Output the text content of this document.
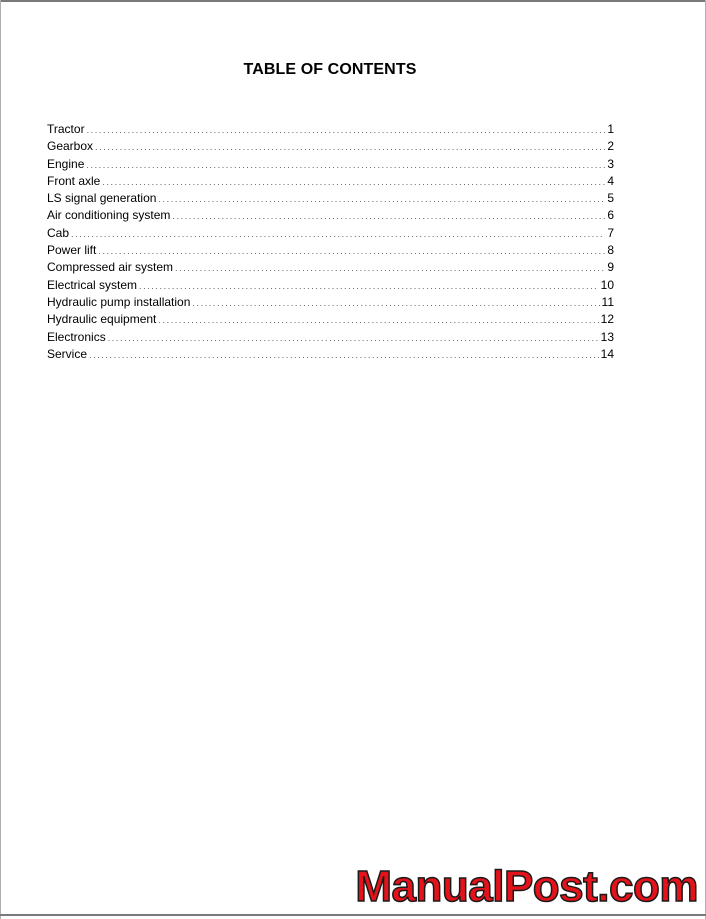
TABLE OF CONTENTS
Tractor .....	1
Gearbox .....	2
Engine .....	3
Front axle .....	4
LS signal generation .....	5
Air conditioning system .....	6
Cab .....	7
Power lift .....	8
Compressed air system .....	9
Electrical system .....	10
Hydraulic pump installation .....	11
Hydraulic equipment .....	12
Electronics .....	13
Service .....	14
ManualPost.com
